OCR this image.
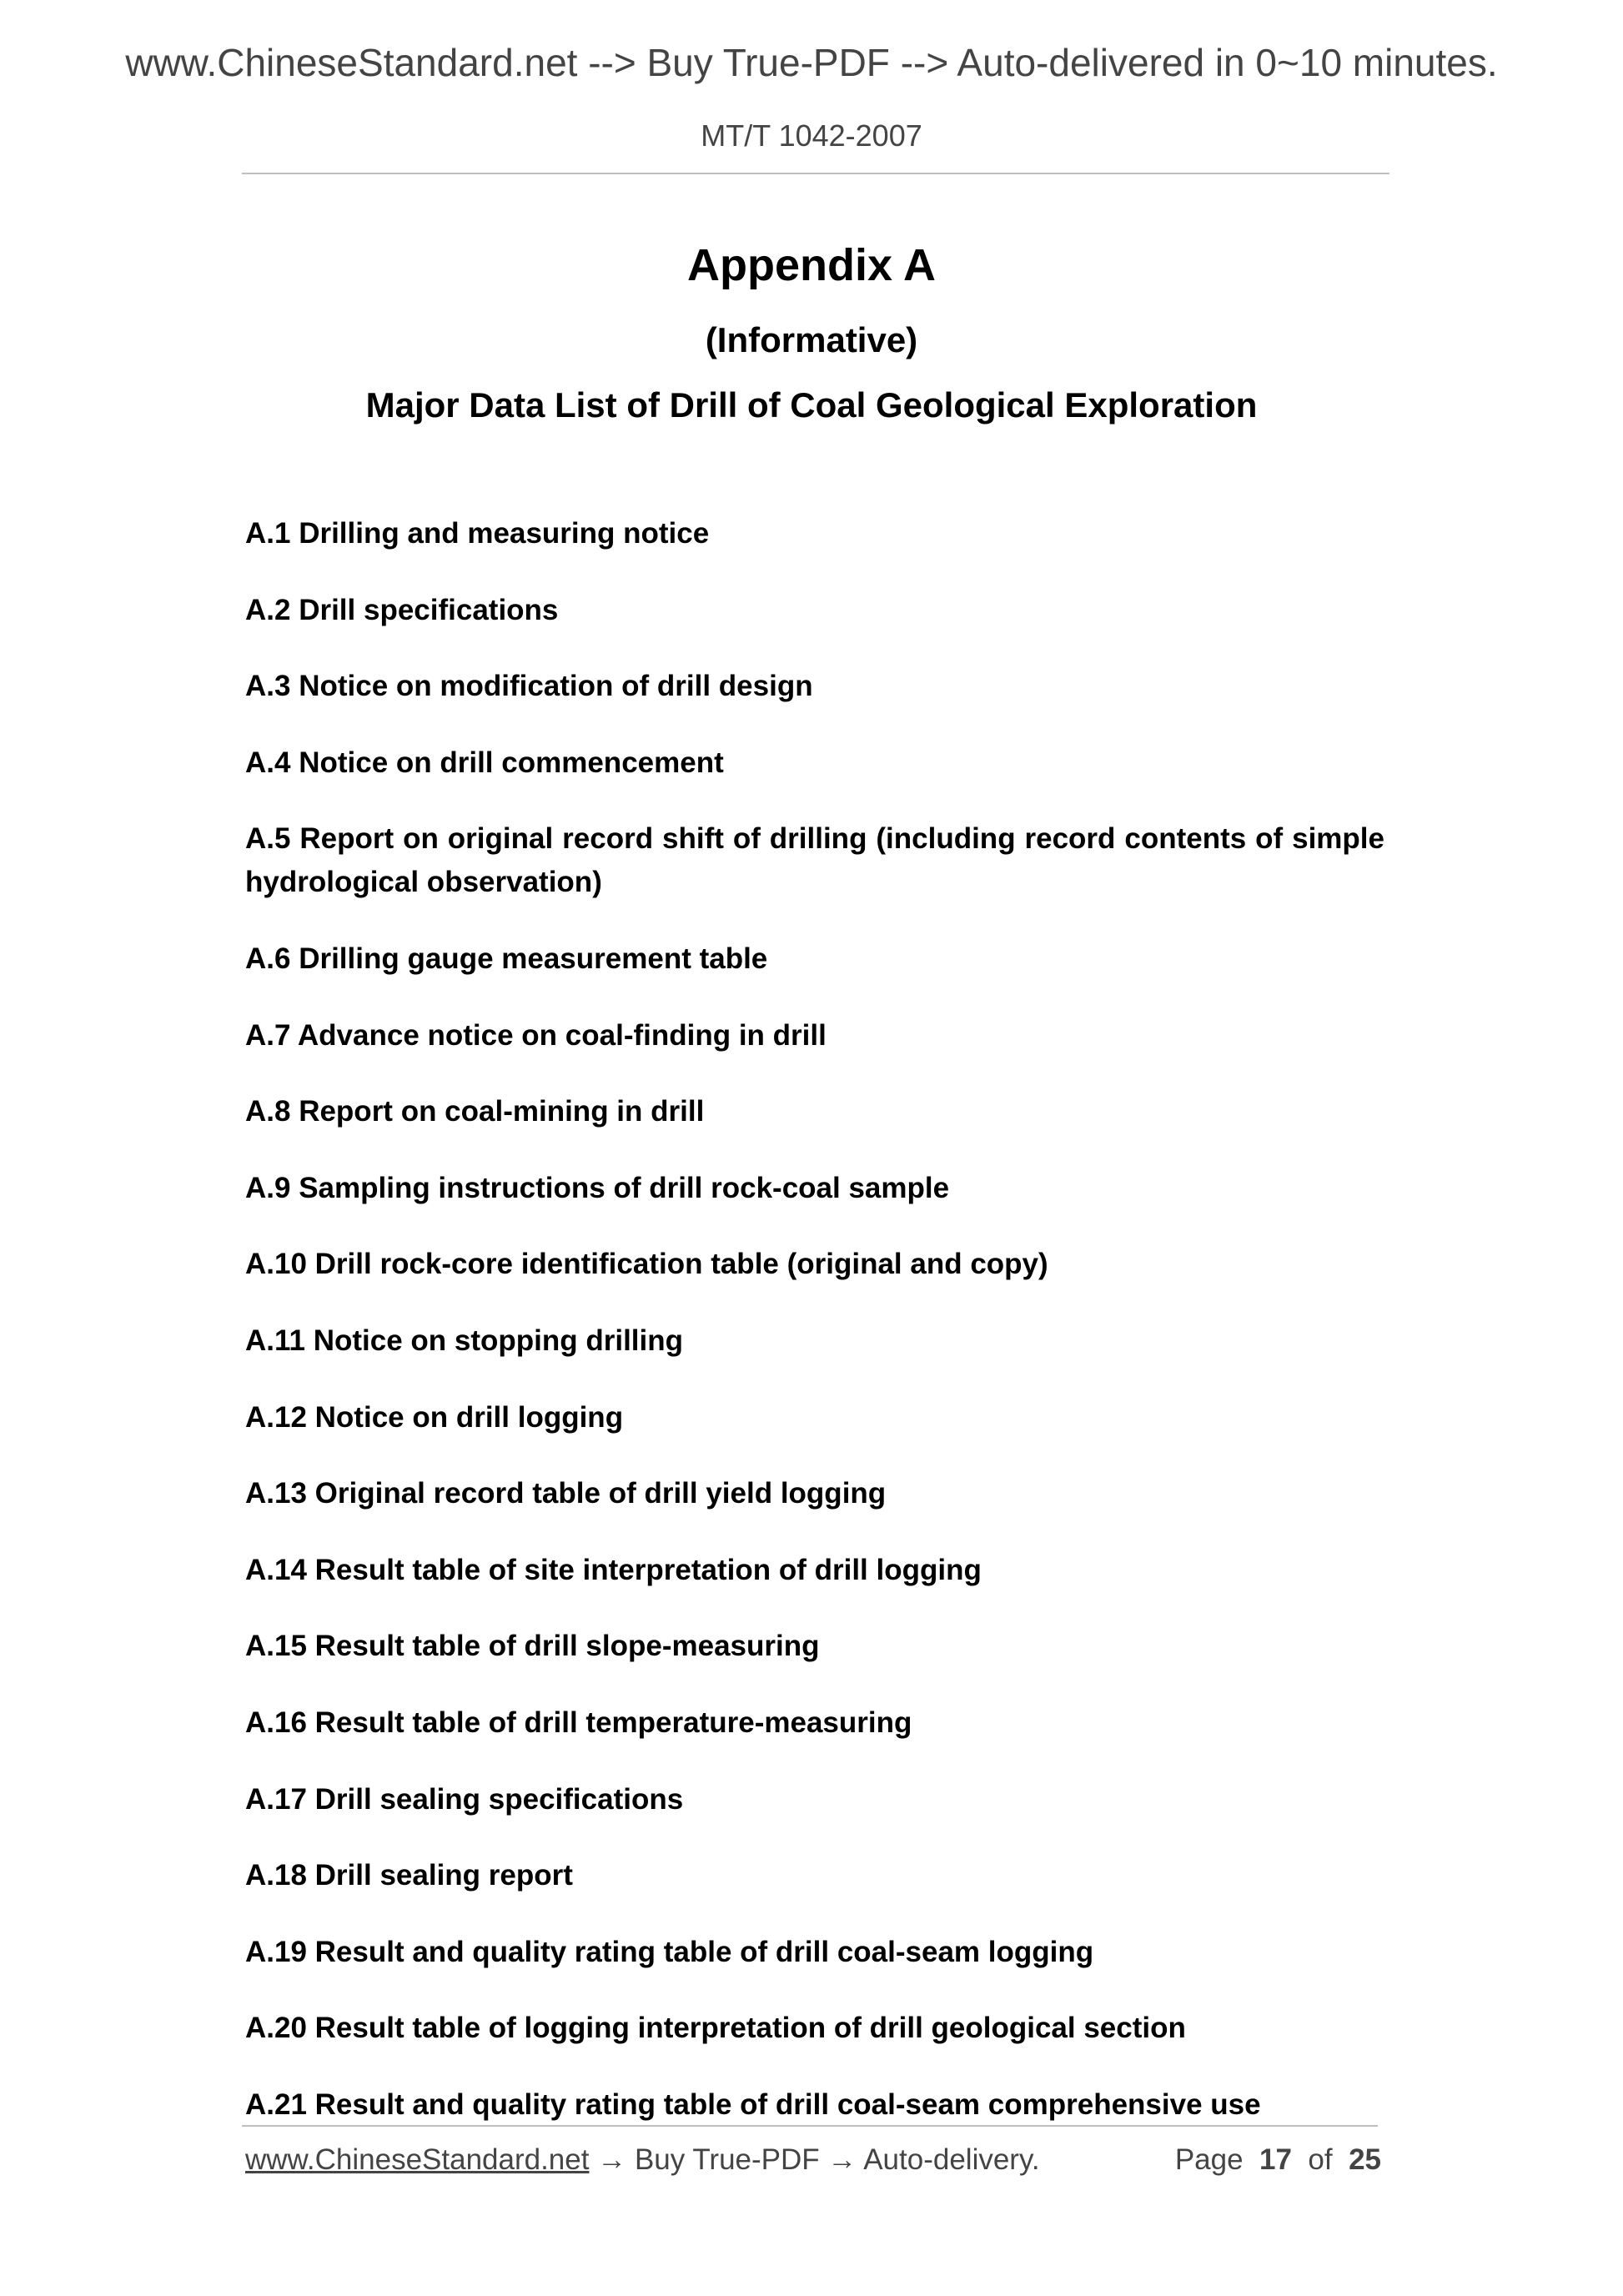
www.ChineseStandard.net --> Buy True-PDF --> Auto-delivered in 0~10 minutes.
MT/T 1042-2007
Appendix A
(Informative)
Major Data List of Drill of Coal Geological Exploration
A.1 Drilling and measuring notice
A.2 Drill specifications
A.3 Notice on modification of drill design
A.4 Notice on drill commencement
A.5 Report on original record shift of drilling (including record contents of simple hydrological observation)
A.6 Drilling gauge measurement table
A.7 Advance notice on coal-finding in drill
A.8 Report on coal-mining in drill
A.9 Sampling instructions of drill rock-coal sample
A.10 Drill rock-core identification table (original and copy)
A.11 Notice on stopping drilling
A.12 Notice on drill logging
A.13 Original record table of drill yield logging
A.14 Result table of site interpretation of drill logging
A.15 Result table of drill slope-measuring
A.16 Result table of drill temperature-measuring
A.17 Drill sealing specifications
A.18 Drill sealing report
A.19 Result and quality rating table of drill coal-seam logging
A.20 Result table of logging interpretation of drill geological section
A.21 Result and quality rating table of drill coal-seam comprehensive use
www.ChineseStandard.net → Buy True-PDF → Auto-delivery.	Page 17 of 25
